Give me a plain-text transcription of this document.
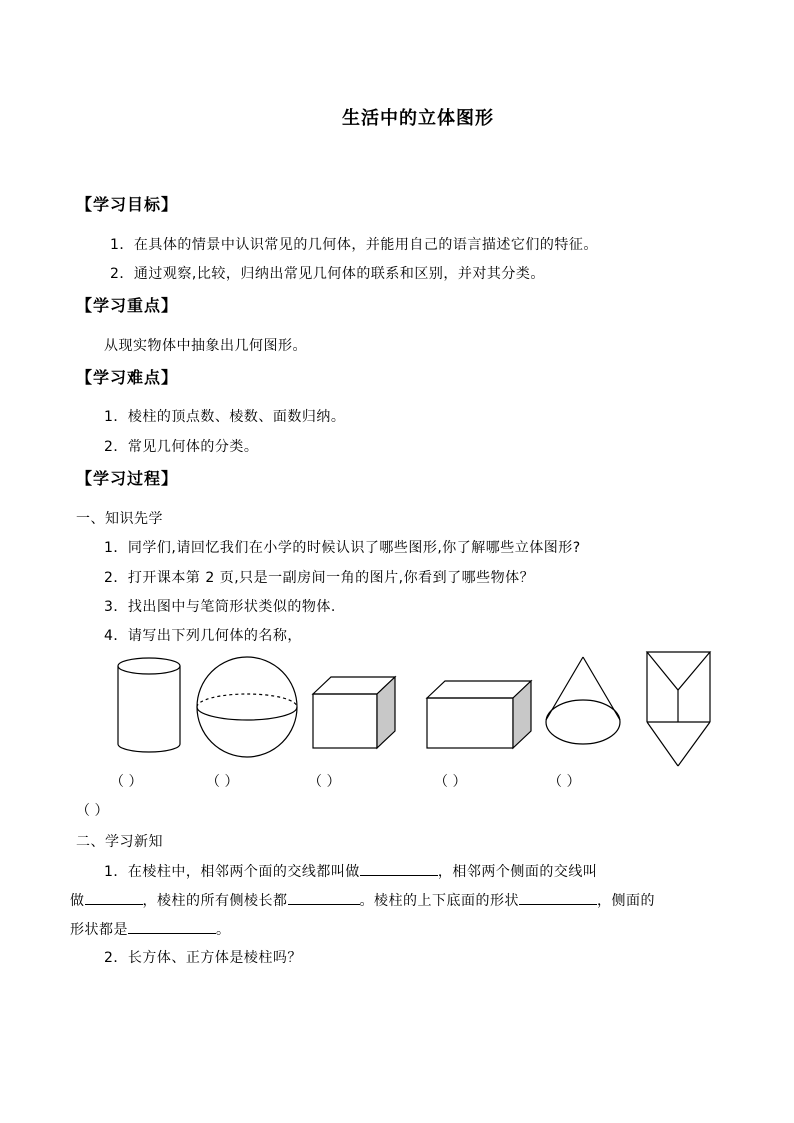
生活中的立体图形
【学习目标】
1．在具体的情景中认识常见的几何体，并能用自己的语言描述它们的特征。
2．通过观察,比较，归纳出常见几何体的联系和区别，并对其分类。
【学习重点】
从现实物体中抽象出几何图形。
【学习难点】
1．棱柱的顶点数、棱数、面数归纳。
2．常见几何体的分类。
【学习过程】
一、知识先学
1．同学们,请回忆我们在小学的时候认识了哪些图形,你了解哪些立体图形?
2．打开课本第 2 页,只是一副房间一角的图片,你看到了哪些物体？
3．找出图中与笔筒形状类似的物体.
4．请写出下列几何体的名称，
（ ）	（ ）	（ ）	（ ）	（ ）
（ ）
二、学习新知
1．在棱柱中，相邻两个面的交线都叫做	，相邻两个侧面的交线叫
做	，棱柱的所有侧棱长都	。棱柱的上下底面的形状	，侧面的
形状都是	。
2．长方体、正方体是棱柱吗？
